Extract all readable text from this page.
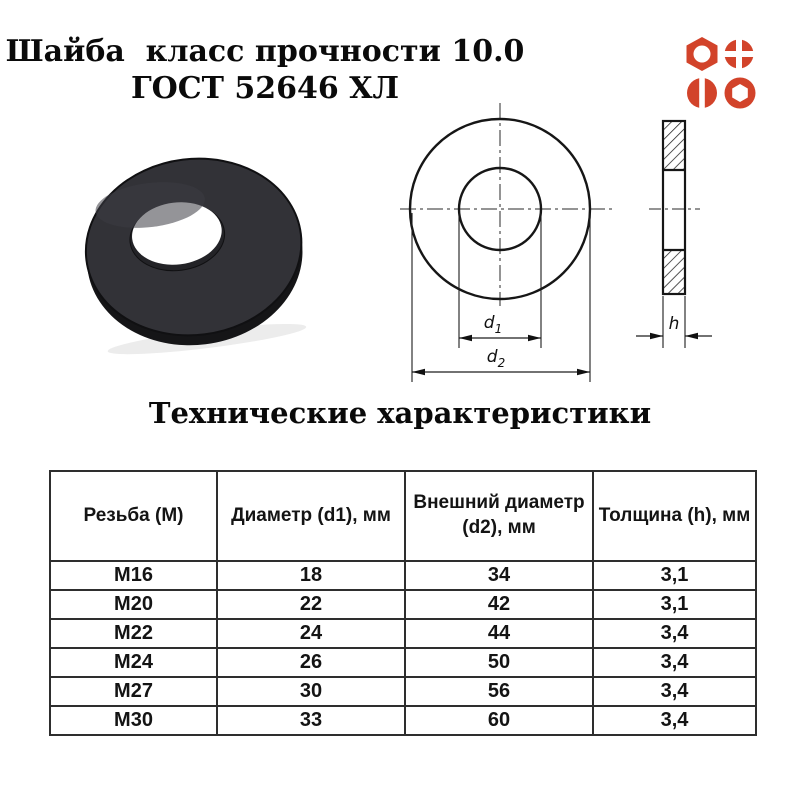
Шайба  класс прочности 10.0
ГОСТ 52646 ХЛ
$d_1$
$d_2$
h
Технические характеристики
Резьба (М)	Диаметр (d1), мм	Внешний диаметр (d2), мм	Толщина (h), мм
M16	18	34	3,1
M20	22	42	3,1
M22	24	44	3,4
M24	26	50	3,4
M27	30	56	3,4
M30	33	60	3,4
